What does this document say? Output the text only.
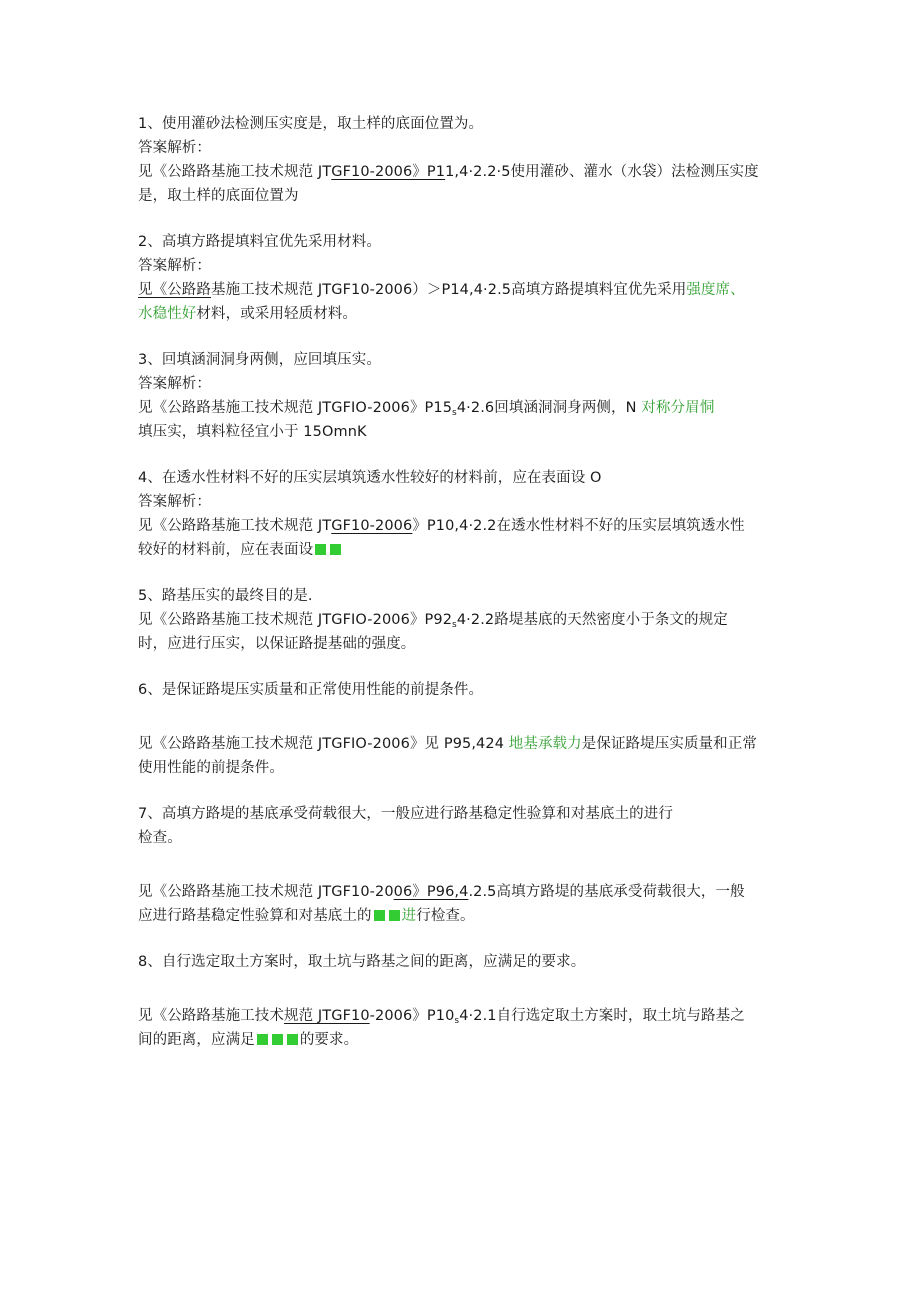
1、使用灌砂法检测压实度是，取土样的底面位置为。
答案解析：
见《公路路基施工技术规范 JTGF10-2006》P11,4·2.2·5使用灌砂、灌水（水袋）法检测压实度
是，取土样的底面位置为
2、高填方路提填料宜优先采用材料。
答案解析：
见《公路路基施工技术规范 JTGF10-2006）＞P14,4·2.5高填方路提填料宜优先采用强度席、
水稳性好材料，或采用轻质材料。
3、回填涵洞洞身两侧，应回填压实。
答案解析：
见《公路路基施工技术规范 JTGFIO-2006》$P15_s4\cdot 2.6$回填涵洞洞身两侧，N 对称分眉恫
填压实，填料粒径宜小于 15OmnK
4、在透水性材料不好的压实层填筑透水性较好的材料前，应在表面设 O
答案解析：
见《公路路基施工技术规范 JTGF10-2006》P10,4·2.2在透水性材料不好的压实层填筑透水性
较好的材料前，应在表面设
5、路基压实的最终目的是.
见《公路路基施工技术规范 JTGFIO-2006》$P92_s4\cdot 2.2$路堤基底的天然密度小于条文的规定
时，应进行压实，以保证路提基础的强度。
6、是保证路堤压实质量和正常使用性能的前提条件。
见《公路路基施工技术规范 JTGFIO-2006》见 P95,424 地基承载力是保证路堤压实质量和正常
使用性能的前提条件。
7、高填方路堤的基底承受荷载很大，一般应进行路基稳定性验算和对基底土的进行
检查。
见《公路路基施工技术规范 JTGF10-2006》P96,4.2.5高填方路堤的基底承受荷载很大，一般
应进行路基稳定性验算和对基底土的 进行检查。
8、自行选定取土方案时，取土坑与路基之间的距离，应满足的要求。
见《公路路基施工技术规范 JTGF10-2006》$P10_s4\cdot 2.1$自行选定取土方案时，取土坑与路基之
间的距离，应满足	的要求。
